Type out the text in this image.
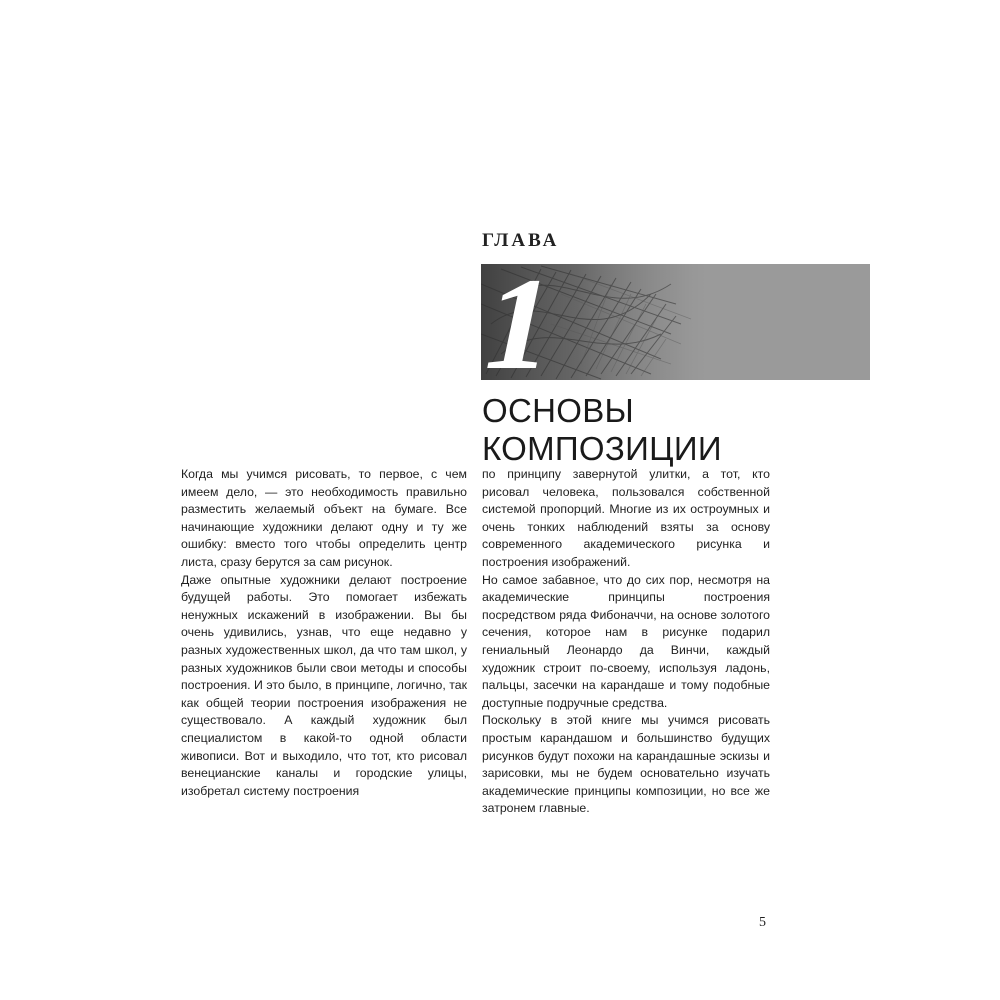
ГЛАВА
1
ОСНОВЫ
КОМПОЗИЦИИ

Когда мы учимся рисовать, то первое, с чем имеем дело, — это необходимость правильно разместить желаемый объект на бумаге. Все начинающие художники делают одну и ту же ошибку: вместо того чтобы определить центр листа, сразу берутся за сам рисунок.

Даже опытные художники делают построение будущей работы. Это помогает избежать ненужных искажений в изображении. Вы бы очень удивились, узнав, что еще недавно у разных художественных школ, да что там школ, у разных художников были свои методы и способы построения. И это было, в принципе, логично, так как общей теории построения изображения не существовало. А каждый художник был специалистом в какой-то одной области живописи. Вот и выходило, что тот, кто рисовал венецианские каналы и городские улицы, изобретал систему построения

по принципу завернутой улитки, а тот, кто рисовал человека, пользовался собственной системой пропорций. Многие из их остроумных и очень тонких наблюдений взяты за основу современного академического рисунка и построения изображений.

Но самое забавное, что до сих пор, несмотря на академические принципы построения посредством ряда Фибоначчи, на основе золотого сечения, которое нам в рисунке подарил гениальный Леонардо да Винчи, каждый художник строит по-своему, используя ладонь, пальцы, засечки на карандаше и тому подобные доступные подручные средства.

Поскольку в этой книге мы учимся рисовать простым карандашом и большинство будущих рисунков будут похожи на карандашные эскизы и зарисовки, мы не будем основательно изучать академические принципы композиции, но все же затронем главные.

5
